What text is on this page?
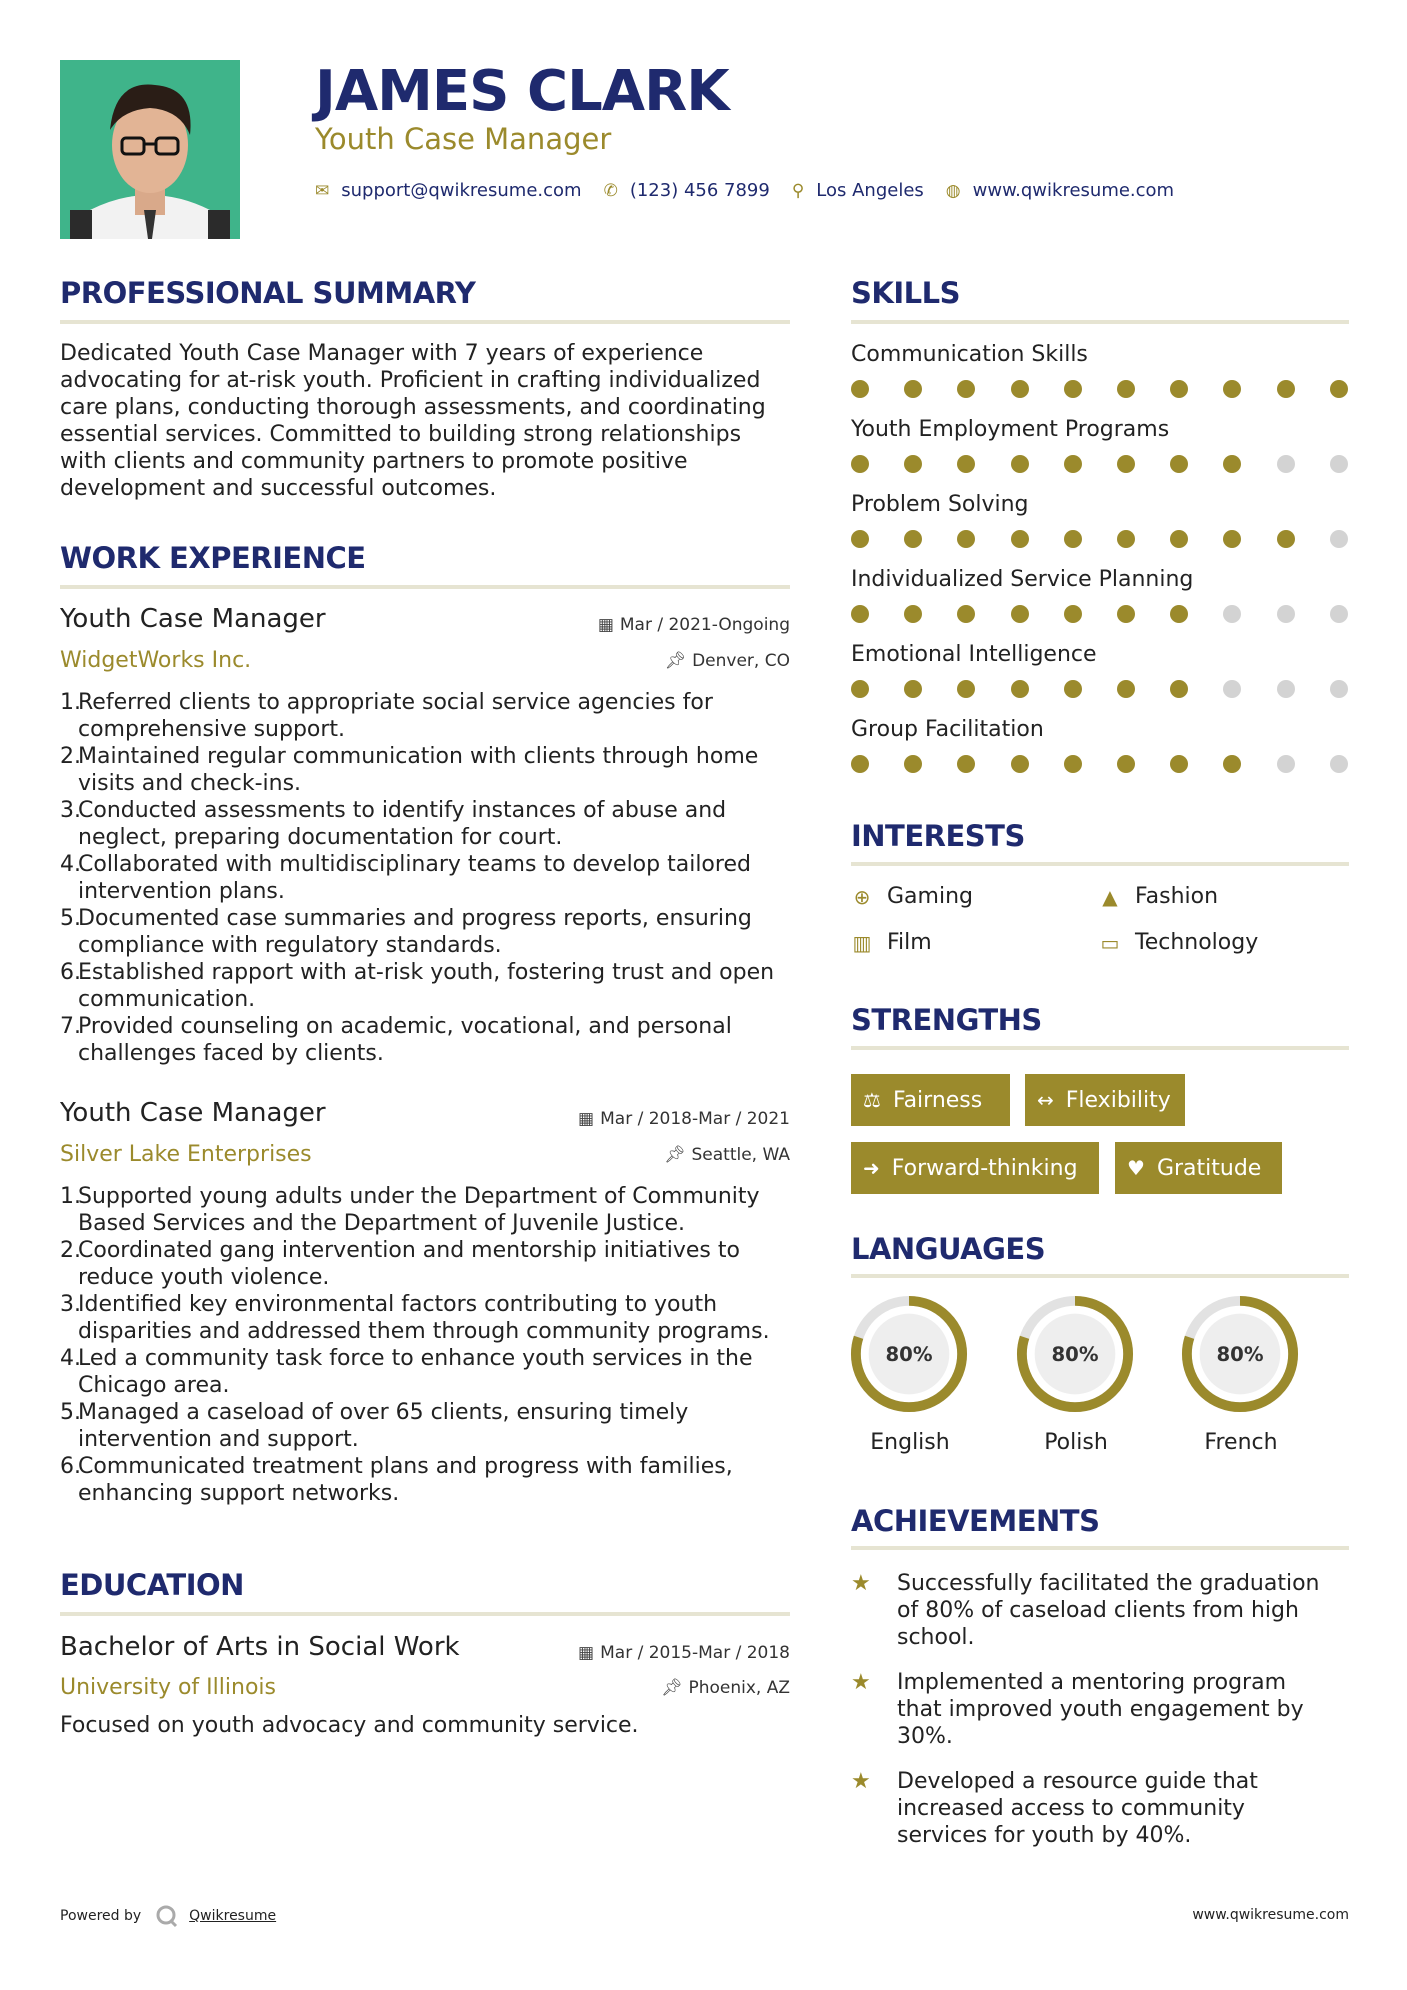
JAMES CLARK
Youth Case Manager
✉ support@qwikresume.com ✆ (123) 456 7899 ⚲ Los Angeles ◍ www.qwikresume.com
PROFESSIONAL SUMMARY
Dedicated Youth Case Manager with 7 years of experience
advocating for at-risk youth. Proficient in crafting individualized
care plans, conducting thorough assessments, and coordinating
essential services. Committed to building strong relationships
with clients and community partners to promote positive
development and successful outcomes.
WORK EXPERIENCE
Youth Case Manager	▦ Mar / 2021-Ongoing
WidgetWorks Inc.	📌︎ Denver, CO
Referred clients to appropriate social service agencies for
comprehensive support.
Maintained regular communication with clients through home
visits and check-ins.
Conducted assessments to identify instances of abuse and
neglect, preparing documentation for court.
Collaborated with multidisciplinary teams to develop tailored
intervention plans.
Documented case summaries and progress reports, ensuring
compliance with regulatory standards.
Established rapport with at-risk youth, fostering trust and open
communication.
Provided counseling on academic, vocational, and personal
challenges faced by clients.
Youth Case Manager	▦ Mar / 2018-Mar / 2021
Silver Lake Enterprises	📌︎ Seattle, WA
Supported young adults under the Department of Community
Based Services and the Department of Juvenile Justice.
Coordinated gang intervention and mentorship initiatives to
reduce youth violence.
Identified key environmental factors contributing to youth
disparities and addressed them through community programs.
Led a community task force to enhance youth services in the
Chicago area.
Managed a caseload of over 65 clients, ensuring timely
intervention and support.
Communicated treatment plans and progress with families,
enhancing support networks.
EDUCATION
Bachelor of Arts in Social Work	▦ Mar / 2015-Mar / 2018
University of Illinois	📌︎ Phoenix, AZ
Focused on youth advocacy and community service.
SKILLS
Communication Skills
Youth Employment Programs
Problem Solving
Individualized Service Planning
Emotional Intelligence
Group Facilitation
INTERESTS
⊕ Gaming	▲ Fashion
▥ Film	▭ Technology
STRENGTHS
⚖ Fairness	↔ Flexibility
➜ Forward-thinking ♥ Gratitude
LANGUAGES
80%
English
80%
Polish
80%
French
ACHIEVEMENTS
★	Successfully facilitated the graduation
of 80% of caseload clients from high
school.
★	Implemented a mentoring program
that improved youth engagement by
30%.
★	Developed a resource guide that
increased access to community
services for youth by 40%.
Powered by	Qwikresume	www.qwikresume.com
